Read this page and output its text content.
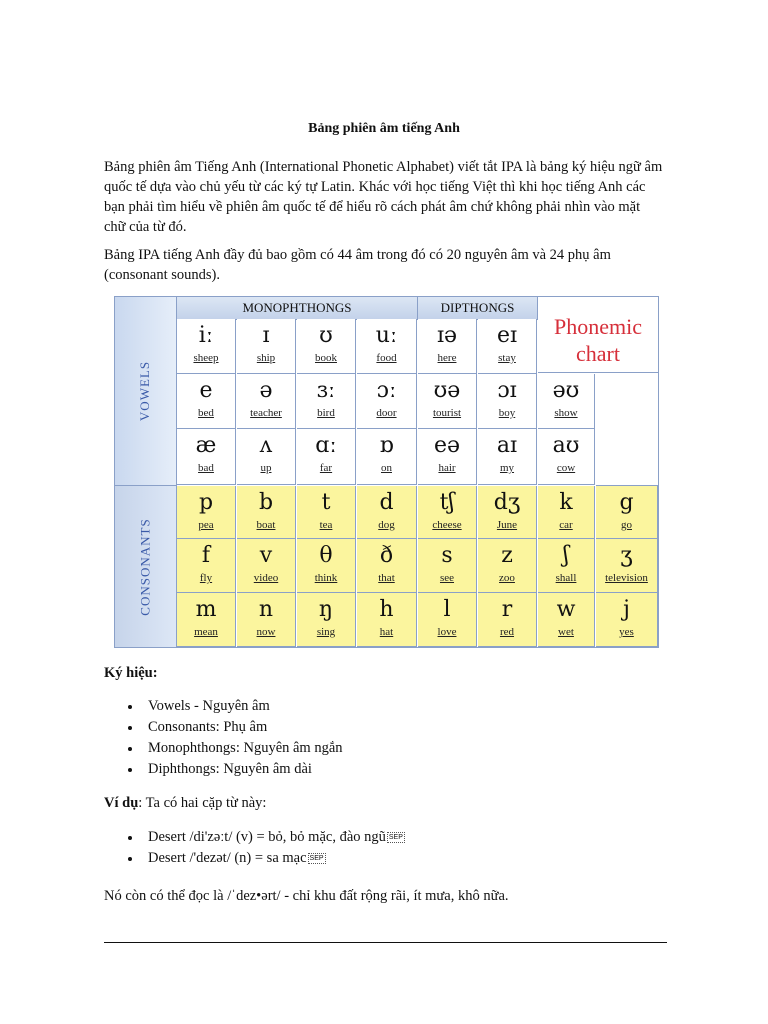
Bảng phiên âm tiếng Anh

Bảng phiên âm Tiếng Anh (International Phonetic Alphabet) viết tắt IPA là bảng ký hiệu ngữ âm quốc tế dựa vào chủ yếu từ các ký tự Latin. Khác với học tiếng Việt thì khi học tiếng Anh các bạn phải tìm hiểu về phiên âm quốc tế để hiểu rõ cách phát âm chứ không phải nhìn vào mặt chữ của từ đó.

Bảng IPA tiếng Anh đầy đủ bao gồm có 44 âm trong đó có 20 nguyên âm và 24 phụ âm (consonant sounds).

VOWELS
CONSONANTS
MONOPHTHONGS	DIPTHONGS
Phonemic
chart
iː
sheep
ɪ
ship
ʊ
book
uː
food
ɪə
here
eɪ
stay
e
bed
ə
teacher
ɜː
bird
ɔː
door
ʊə
tourist
ɔɪ
boy
əʊ
show
æ
bad
ʌ
up
ɑː
far
ɒ
on
eə
hair
aɪ
my
aʊ
cow
p
pea
b
boat
t
tea
d
dog
tʃ
cheese
dʒ
June
k
car
g
go
f
fly
v
video
θ
think
ð
that
s
see
z
zoo
ʃ
shall
ʒ
television
m
mean
n
now
ŋ
sing
h
hat
l
love
r
red
w
wet
j
yes
Ký hiệu:
Vowels - Nguyên âm
Consonants: Phụ âm
Monophthongs: Nguyên âm ngắn
Diphthongs: Nguyên âm dài
Ví dụ: Ta có hai cặp từ này:
Desert /di'zəːt/ (v) = bỏ, bỏ mặc, đào ngũ SEP
Desert /'dezət/ (n) = sa mạc SEP

Nó còn có thể đọc là /ˈdez•ərt/ - chỉ khu đất rộng rãi, ít mưa, khô nữa.
